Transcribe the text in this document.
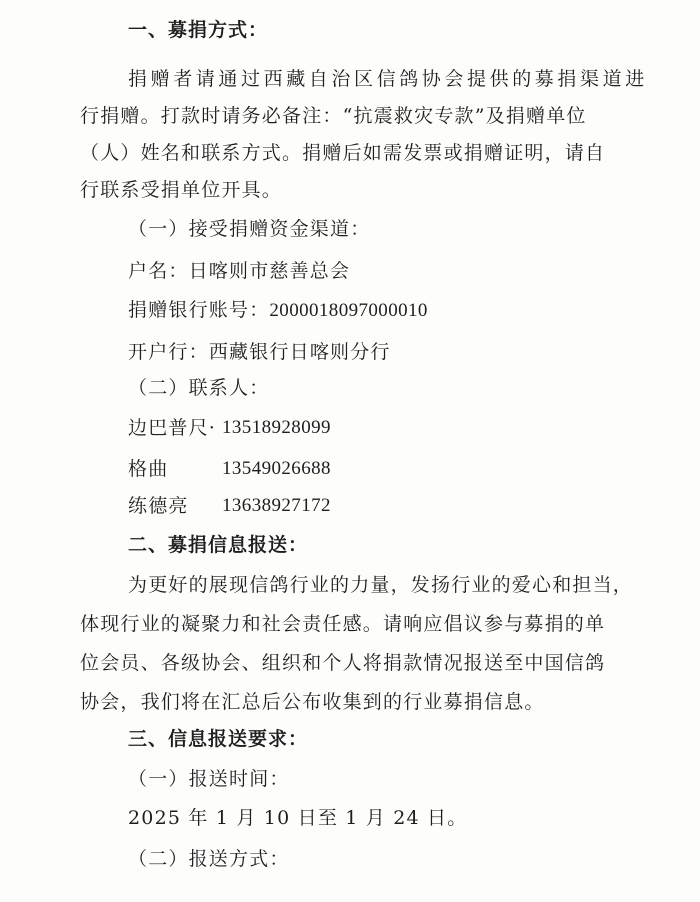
一、募捐方式：
捐赠者请通过西藏自治区信鸽协会提供的募捐渠道进
行捐赠。打款时请务必备注：“抗震救灾专款”及捐赠单位
（人）姓名和联系方式。捐赠后如需发票或捐赠证明，请自
行联系受捐单位开具。
（一）接受捐赠资金渠道：
户名：日喀则市慈善总会
捐赠银行账号：2000018097000010
开户行：西藏银行日喀则分行
（二）联系人：
边巴普尺· 13518928099
格曲	13549026688
练德亮 13638927172
二、募捐信息报送：
为更好的展现信鸽行业的力量，发扬行业的爱心和担当，
体现行业的凝聚力和社会责任感。请响应倡议参与募捐的单
位会员、各级协会、组织和个人将捐款情况报送至中国信鸽
协会，我们将在汇总后公布收集到的行业募捐信息。
三、信息报送要求：
（一）报送时间：
2025 年 1 月 10 日至 1 月 24 日。
（二）报送方式：
